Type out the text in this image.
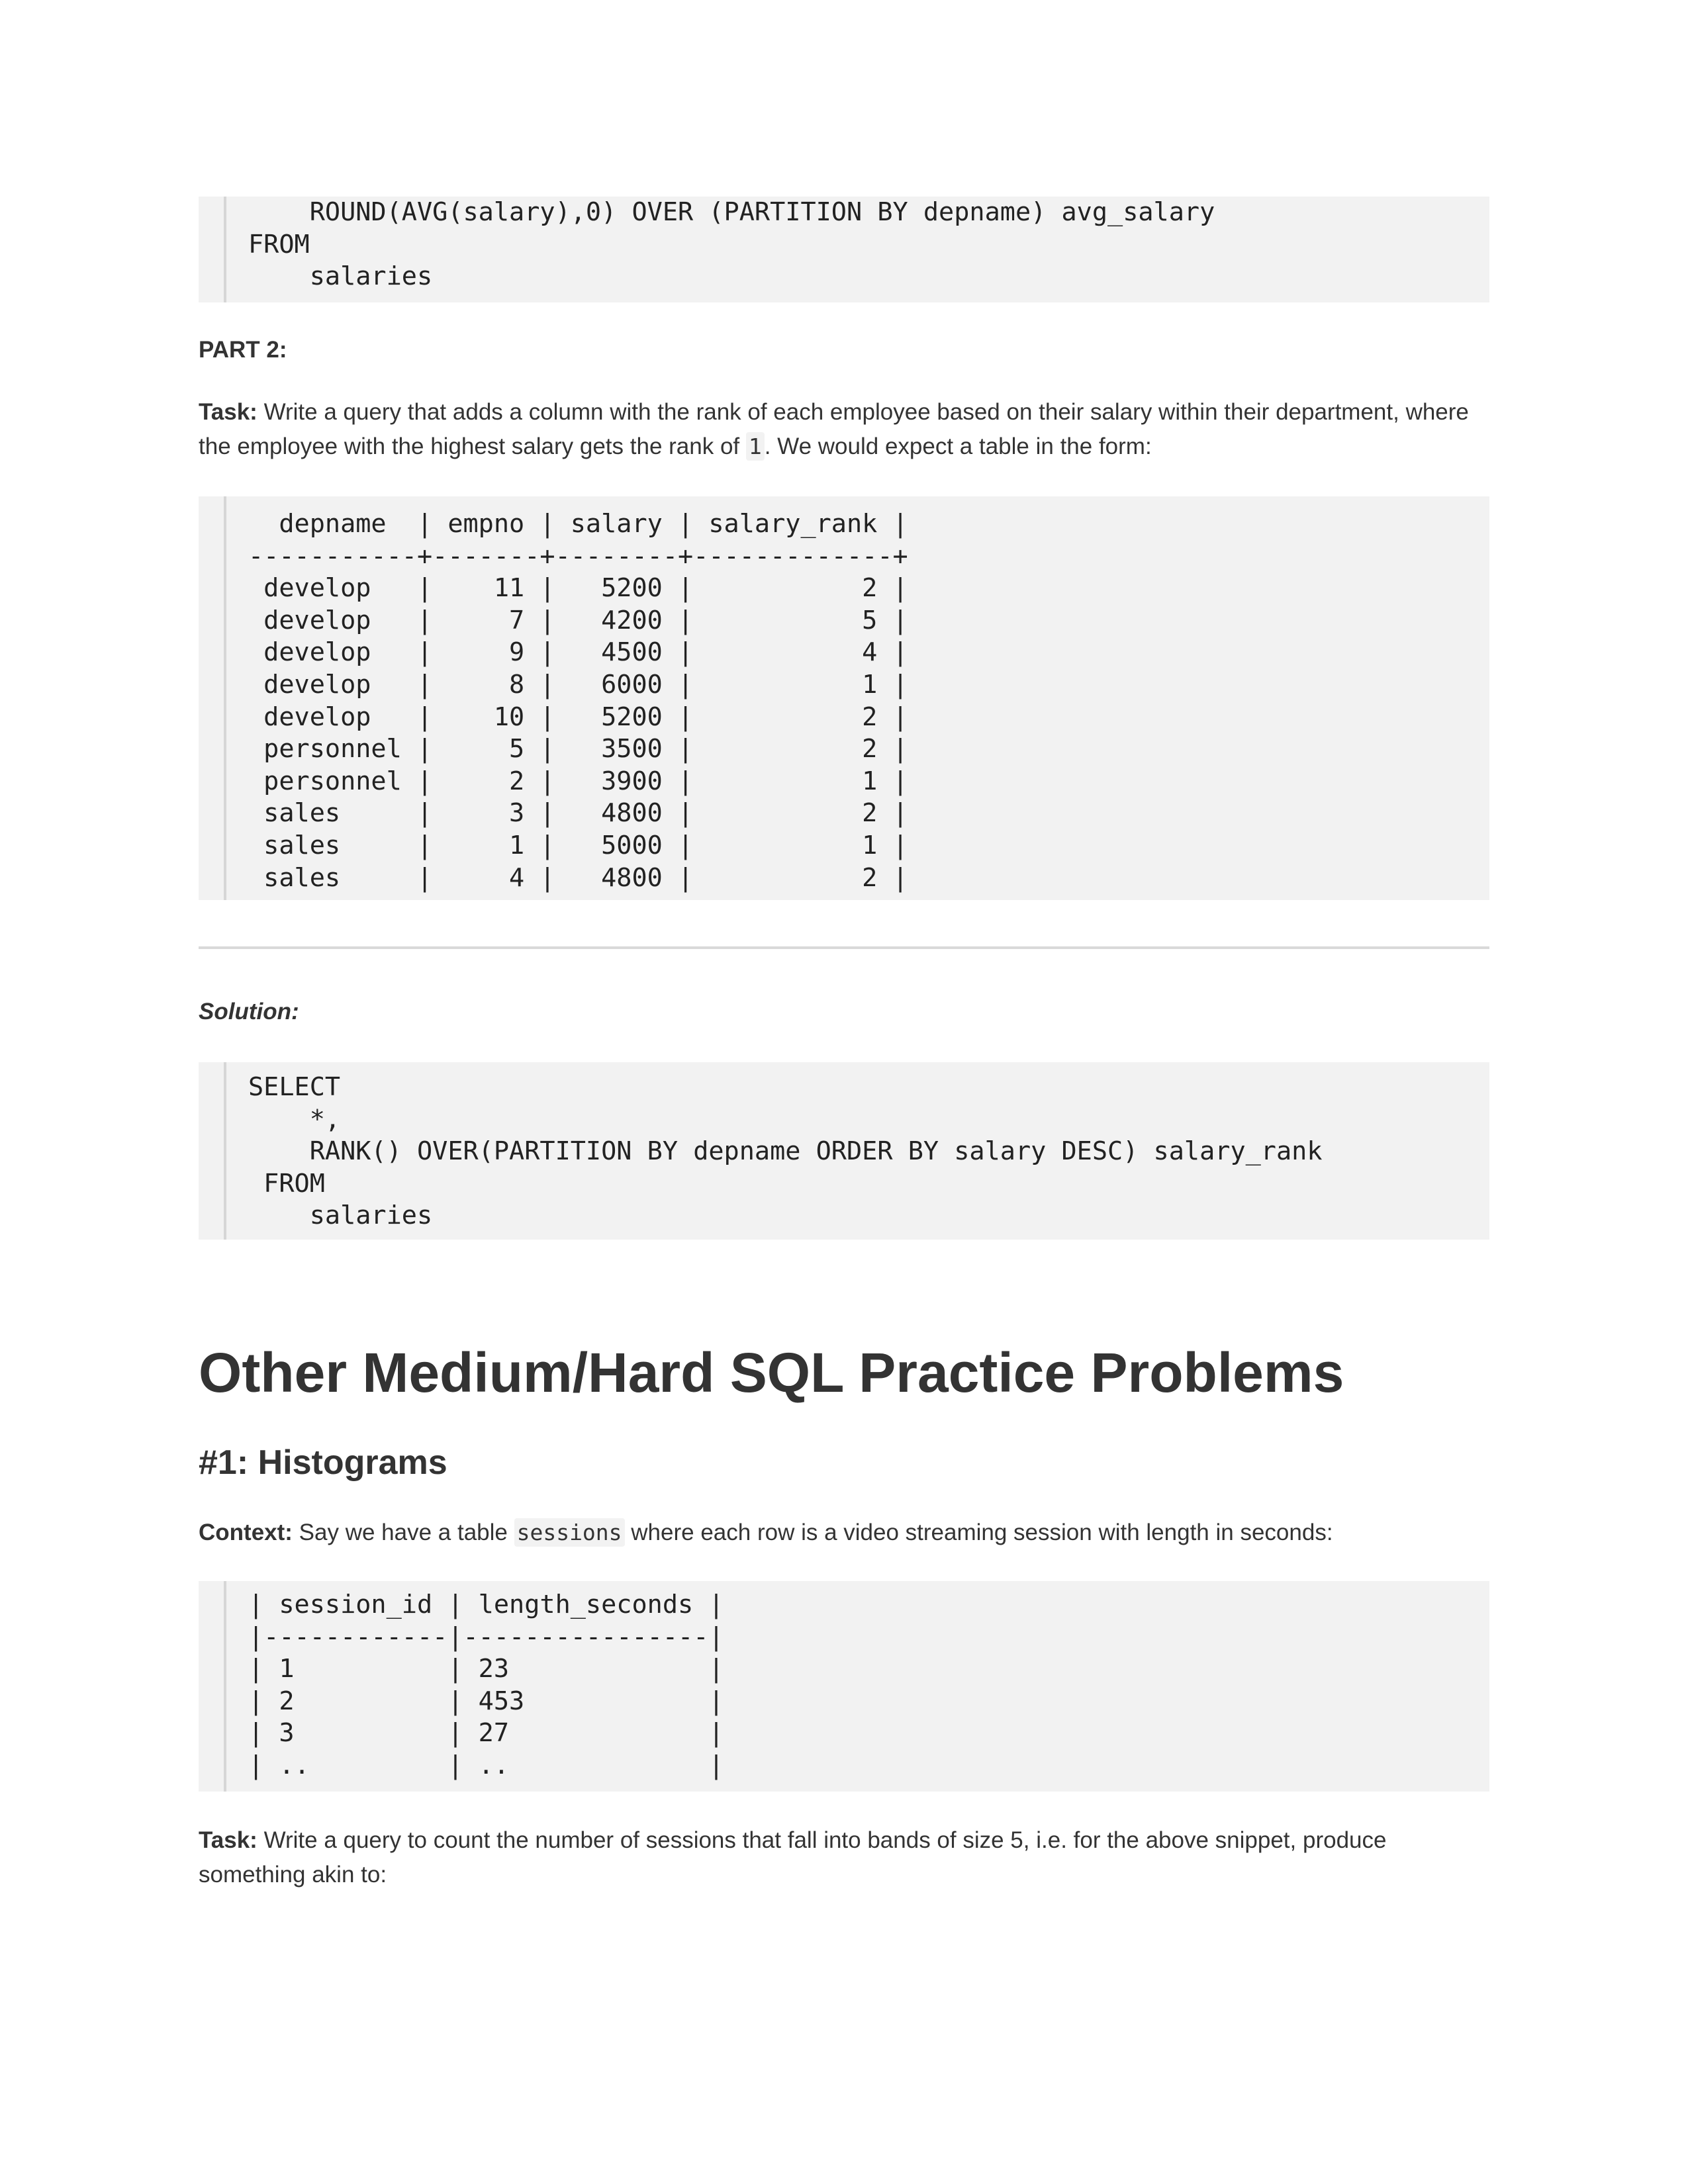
ROUND(AVG(salary),0) OVER (PARTITION BY depname) avg_salary
FROM
salaries
PART 2:
Task: Write a query that adds a column with the rank of each employee based on their salary within their department, where the employee with the highest salary gets the rank of 1 . We would expect a table in the form:
depname  | empno | salary | salary_rank |
-----------+-------+--------+-------------+
develop   |    11 |   5200 |           2 |
develop   |     7 |   4200 |           5 |
develop   |     9 |   4500 |           4 |
develop   |     8 |   6000 |           1 |
develop   |    10 |   5200 |           2 |
personnel |     5 |   3500 |           2 |
personnel |     2 |   3900 |           1 |
sales     |     3 |   4800 |           2 |
sales     |     1 |   5000 |           1 |
sales     |     4 |   4800 |           2 |
Solution:
SELECT
*,
RANK() OVER(PARTITION BY depname ORDER BY salary DESC) salary_rank
FROM
salaries
Other Medium/Hard SQL Practice Problems
#1: Histograms
Context: Say we have a table sessions where each row is a video streaming session with length in seconds:
| session_id | length_seconds |
|------------|----------------|
| 1          | 23             |
| 2          | 453            |
| 3          | 27             |
| ..         | ..             |
Task: Write a query to count the number of sessions that fall into bands of size 5, i.e. for the above snippet, produce something akin to:
